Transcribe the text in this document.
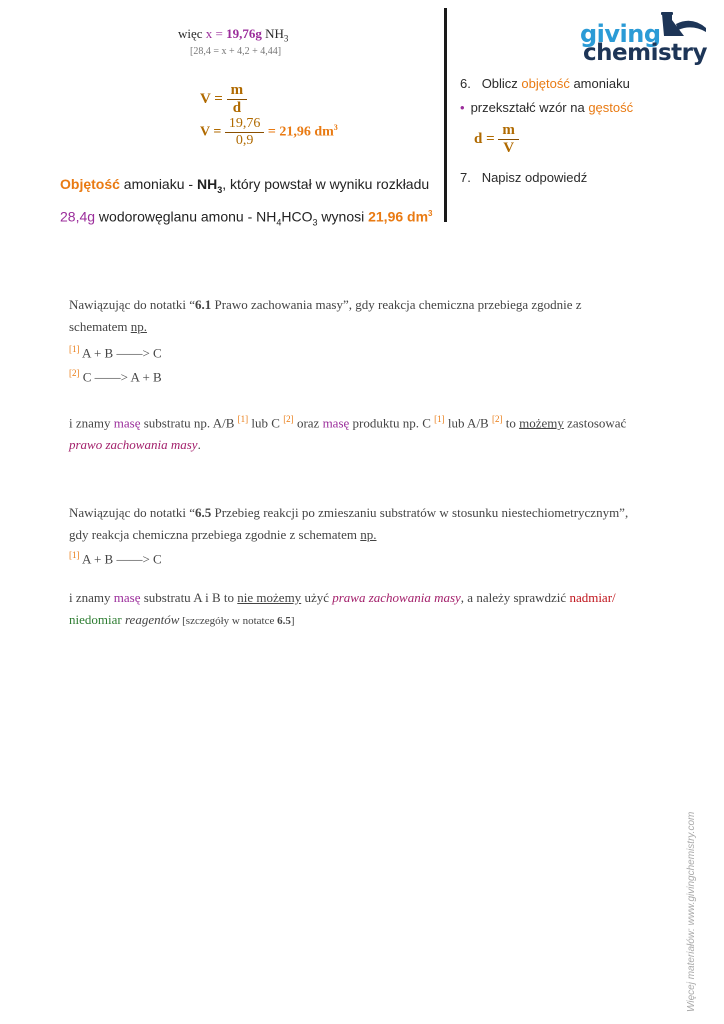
więc x = 19,76g $NH_3$
[28,4 = x + 4,2 + 4,44]
$V = \frac{m}{d}$
$V = \frac{19,76}{0,9} = 21,96$ $dm^3$
Objętość amoniaku - $NH_3$, który powstał w wyniku rozkładu
28,4g wodorowęglanu amonu - $NH_4HCO_3$ wynosi 21,96 $dm^3$
6. Oblicz objętość amoniaku
• przekształć wzór na gęstość
$d = \frac{m}{V}$
7. Napisz odpowiedź
giving
chemistry
Nawiązując do notatki “6.1 Prawo zachowania masy”, gdy reakcja chemiczna przebiega zgodnie z
schematem np.
[1] A + B ——> C
[2] C ——> A + B
i znamy masę substratu np. A/B [1] lub C [2] oraz masę produktu np. C [1] lub A/B [2] to możemy zastosować
prawo zachowania masy.
Nawiązując do notatki “6.5 Przebieg reakcji po zmieszaniu substratów w stosunku niestechiometrycznym”,
gdy reakcja chemiczna przebiega zgodnie z schematem np.
[1] A + B ——> C
i znamy masę substratu A i B to nie możemy użyć prawa zachowania masy, a należy sprawdzić nadmiar/
niedomiar reagentów [szczegóły w notatce 6.5]
Więcej materiałów: www.givingchemistry.com
